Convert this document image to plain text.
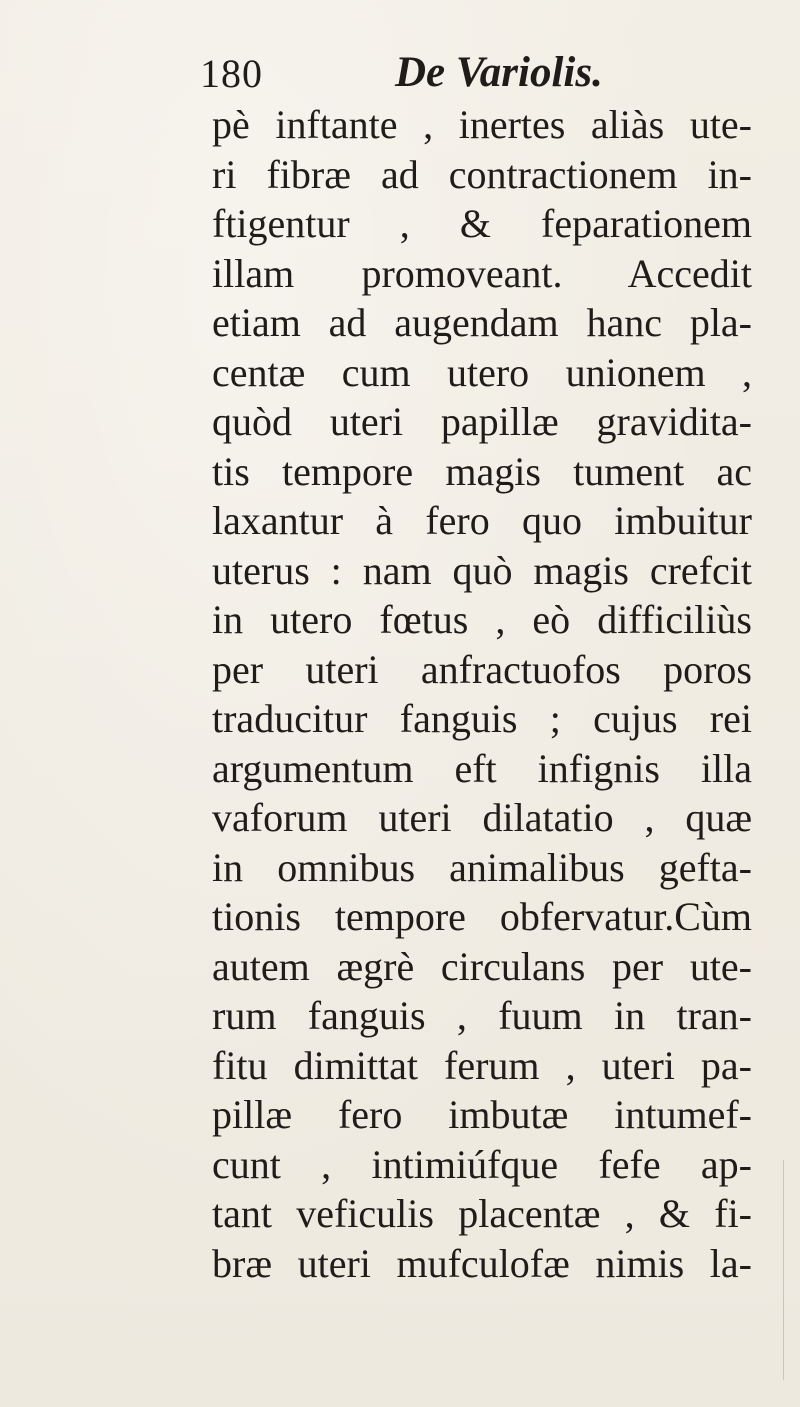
180	De Variolis.
pè inftante , inertes aliàs ute-
ri fibræ ad contractionem in-
ftigentur , & feparationem
illam promoveant. Accedit
etiam ad augendam hanc pla-
centæ cum utero unionem ,
quòd uteri papillæ gravidita-
tis tempore magis tument ac
laxantur à fero quo imbuitur
uterus : nam quò magis crefcit
in utero fœtus , eò difficiliùs
per uteri anfractuofos poros
traducitur fanguis ; cujus rei
argumentum eft infignis illa
vaforum uteri dilatatio , quæ
in omnibus animalibus gefta-
tionis tempore obfervatur.Cùm
autem ægrè circulans per ute-
rum fanguis , fuum in tran-
fitu dimittat ferum , uteri pa-
pillæ fero imbutæ intumef-
cunt , intimiúfque fefe ap-
tant veficulis placentæ , & fi-
bræ uteri mufculofæ nimis la-
